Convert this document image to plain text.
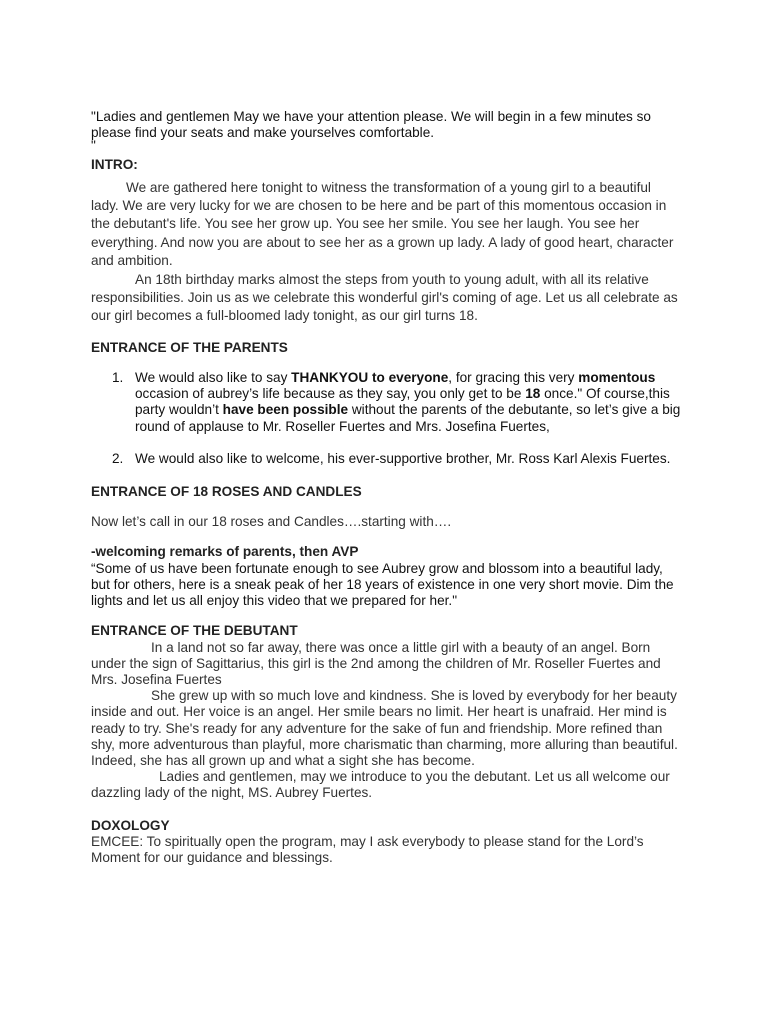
"Ladies and gentlemen May we have your attention please. We will begin in a few minutes so

please find your seats and make yourselves comfortable.

"

INTRO:

We are gathered here tonight to witness the transformation of a young girl to a beautiful lady. We are very lucky for we are chosen to be here and be part of this momentous occasion in the debutant's life. You see her grow up. You see her smile. You see her laugh. You see her everything. And now you are about to see her as a grown up lady. A lady of good heart, character and ambition.

An 18th birthday marks almost the steps from youth to young adult, with all its relative responsibilities. Join us as we celebrate this wonderful girl's coming of age. Let us all celebrate as our girl becomes a full-bloomed lady tonight, as our girl turns 18.

ENTRANCE OF THE PARENTS

1. We would also like to say THANKYOU to everyone, for gracing this very momentous occasion of aubrey’s life because as they say, you only get to be 18 once." Of course,this party wouldn’t have been possible without the parents of the debutante, so let’s give a big round of applause to Mr. Roseller Fuertes and Mrs. Josefina Fuertes,
2. We would also like to welcome, his ever-supportive brother, Mr. Ross Karl Alexis Fuertes.

ENTRANCE OF 18 ROSES AND CANDLES

Now let’s call in our 18 roses and Candles….starting with….

-welcoming remarks of parents, then AVP

“Some of us have been fortunate enough to see Aubrey grow and blossom into a beautiful lady, but for others, here is a sneak peak of her 18 years of existence in one very short movie. Dim the lights and let us all enjoy this video that we prepared for her."

ENTRANCE OF THE DEBUTANT

In a land not so far away, there was once a little girl with a beauty of an angel. Born under the sign of Sagittarius, this girl is the 2nd among the children of Mr. Roseller Fuertes and Mrs. Josefina Fuertes

She grew up with so much love and kindness. She is loved by everybody for her beauty inside and out. Her voice is an angel. Her smile bears no limit. Her heart is unafraid. Her mind is ready to try. She's ready for any adventure for the sake of fun and friendship. More refined than shy, more adventurous than playful, more charismatic than charming, more alluring than beautiful. Indeed, she has all grown up and what a sight she has become.

Ladies and gentlemen, may we introduce to you the debutant. Let us all welcome our dazzling lady of the night, MS. Aubrey Fuertes.

DOXOLOGY

EMCEE: To spiritually open the program, may I ask everybody to please stand for the Lord’s Moment for our guidance and blessings.
